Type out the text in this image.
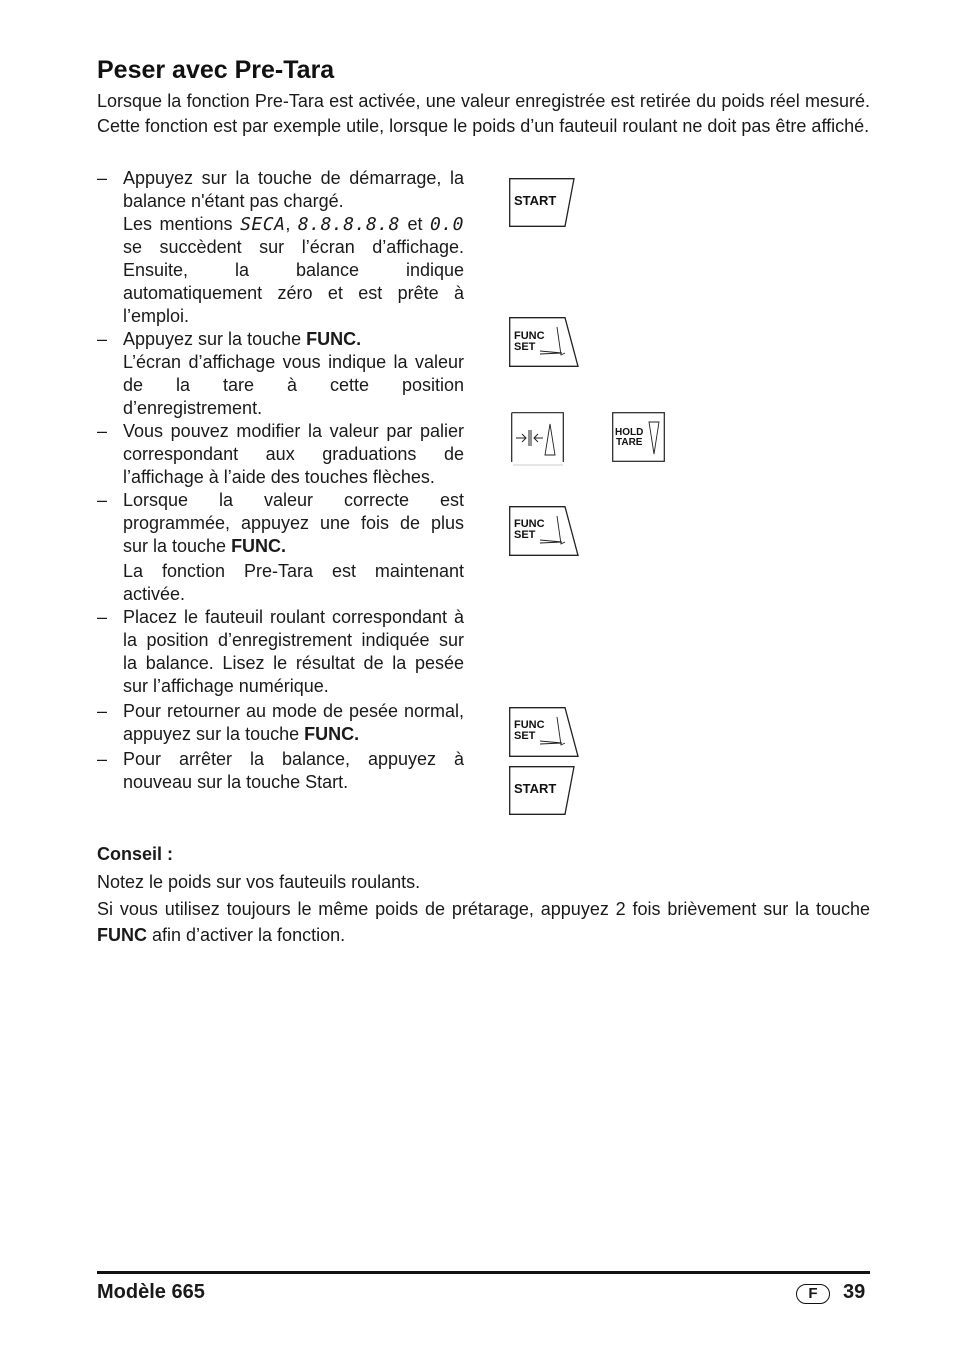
Peser avec Pre-Tara

Lorsque la fonction Pre-Tara est activée, une valeur enregistrée est retirée du poids réel mesuré. Cette fonction est par exemple utile, lorsque le poids d’un fauteuil roulant ne doit pas être affiché.

– Appuyez sur la touche de démarrage, la balance n'étant pas chargé.

Les mentions SECA, 8.8.8.8.8 et 0.0 se succèdent sur l’écran d’affichage. Ensuite, la balance indique automatiquement zéro et est prête à l’emploi.

– Appuyez sur la touche FUNC.

L’écran d’affichage vous indique la valeur de la tare à cette position d’enregistrement.

– Vous pouvez modifier la valeur par palier correspondant aux graduations de l’affichage à l’aide des touches flèches.

– Lorsque la valeur correcte est programmée, appuyez une fois de plus sur la touche FUNC.

La fonction Pre-Tara est maintenant activée.

– Placez le fauteuil roulant correspondant à la position d’enregistrement indiquée sur la balance. Lisez le résultat de la pesée sur l’affichage numérique.

– Pour retourner au mode de pesée normal, appuyez sur la touche FUNC.

– Pour arrêter la balance, appuyez à nouveau sur la touche Start.

START
FUNC
SET
HOLD
TARE
FUNC
SET
FUNC
SET
START

Conseil :

Notez le poids sur vos fauteuils roulants.

Si vous utilisez toujours le même poids de prétarage, appuyez 2 fois brièvement sur la touche FUNC afin d’activer la fonction.

Modèle 665	F	39
